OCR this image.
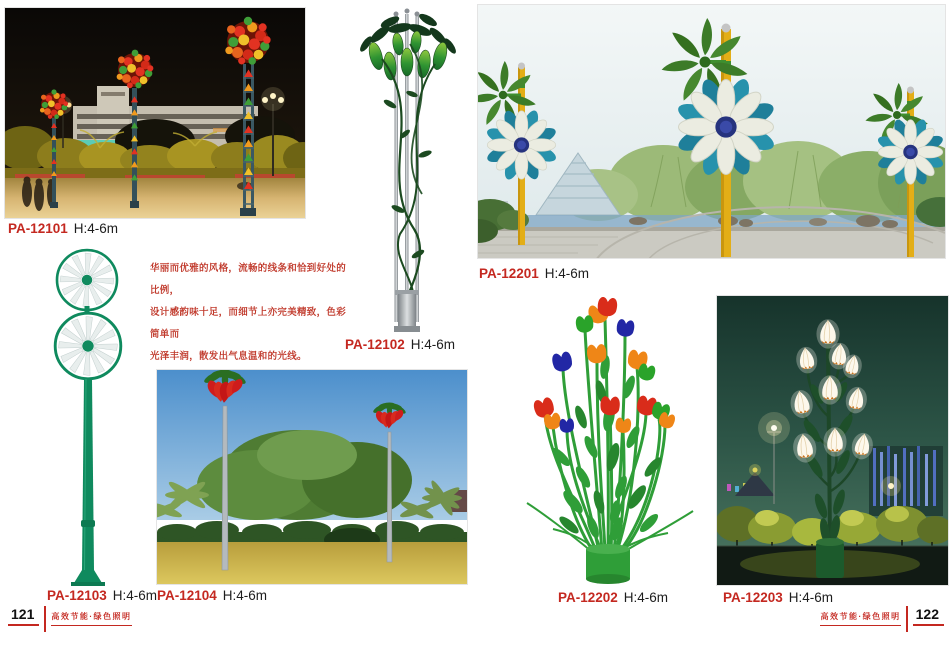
PA-12101 H:4-6m
PA-12102 H:4-6m
PA-12103 H:4-6m PA-12104 H:4-6m
PA-12201 H:4-6m
PA-12202 H:4-6m	PA-12203 H:4-6m
华丽而优雅的风格，流畅的线条和恰到好处的比例，
设计感韵味十足，而细节上亦完美精致，色彩简单而
光泽丰润，散发出气息温和的光线。
121	高效节能·绿色照明	高效节能·绿色照明 122
